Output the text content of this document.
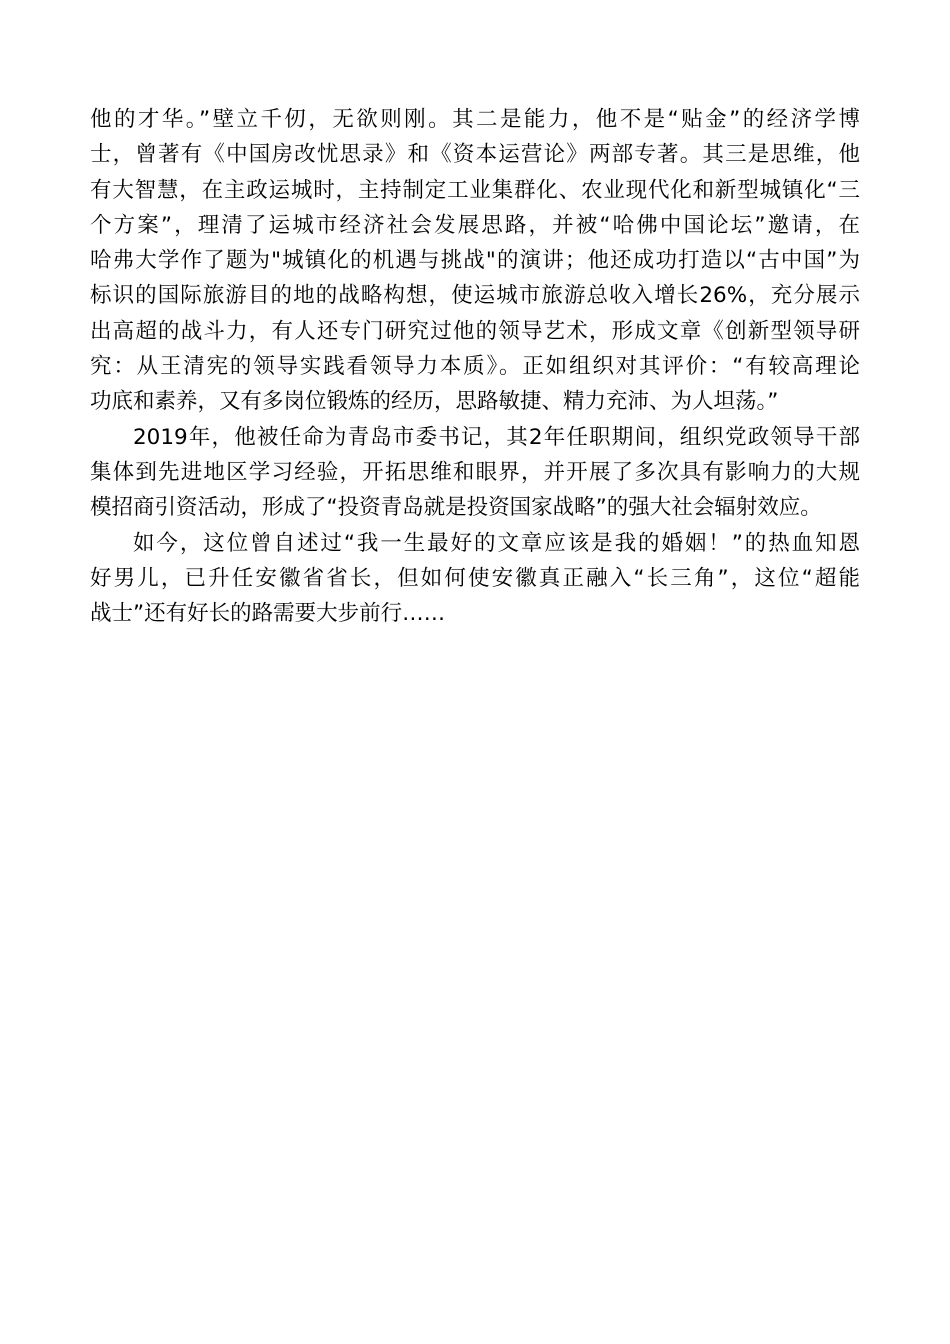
他的才华。”壁立千仞，无欲则刚。其二是能力，他不是“贴金”的经济学博
士，曾著有《中国房改忧思录》和《资本运营论》两部专著。其三是思维，他
有大智慧，在主政运城时，主持制定工业集群化、农业现代化和新型城镇化“三
个方案”，理清了运城市经济社会发展思路，并被“哈佛中国论坛”邀请，在
哈弗大学作了题为"城镇化的机遇与挑战"的演讲；他还成功打造以“古中国”为
标识的国际旅游目的地的战略构想，使运城市旅游总收入增长26%，充分展示
出高超的战斗力，有人还专门研究过他的领导艺术，形成文章《创新型领导研
究：从王清宪的领导实践看领导力本质》。正如组织对其评价：“有较高理论
功底和素养，又有多岗位锻炼的经历，思路敏捷、精力充沛、为人坦荡。”
2019年，他被任命为青岛市委书记，其2年任职期间，组织党政领导干部
集体到先进地区学习经验，开拓思维和眼界，并开展了多次具有影响力的大规
模招商引资活动，形成了“投资青岛就是投资国家战略”的强大社会辐射效应。
如今，这位曾自述过“我一生最好的文章应该是我的婚姻！”的热血知恩
好男儿，已升任安徽省省长，但如何使安徽真正融入“长三角”，这位“超能
战士”还有好长的路需要大步前行……
